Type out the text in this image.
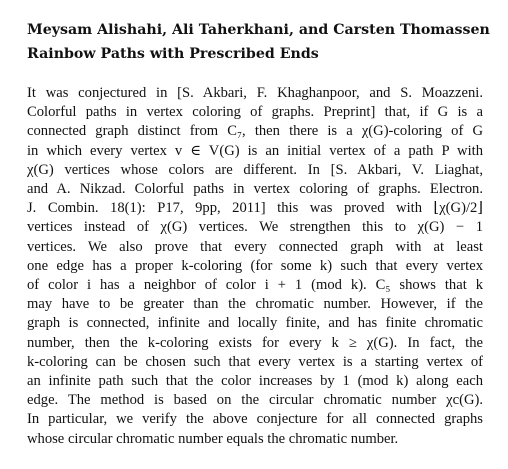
Meysam Alishahi, Ali Taherkhani, and Carsten Thomassen
Rainbow Paths with Prescribed Ends
It was conjectured in [S. Akbari, F. Khaghanpoor, and S. Moazzeni.
Colorful paths in vertex coloring of graphs. Preprint] that, if G is a
connected graph distinct from C₇, then there is a χ(G)-coloring of G
in which every vertex v ∈ V(G) is an initial vertex of a path P with
χ(G) vertices whose colors are different. In [S. Akbari, V. Liaghat,
and A. Nikzad. Colorful paths in vertex coloring of graphs. Electron.
J. Combin. 18(1): P17, 9pp, 2011] this was proved with ⌊χ(G)/2⌋
vertices instead of χ(G) vertices. We strengthen this to χ(G) − 1
vertices. We also prove that every connected graph with at least
one edge has a proper k-coloring (for some k) such that every vertex
of color i has a neighbor of color i + 1 (mod k). C₅ shows that k
may have to be greater than the chromatic number. However, if the
graph is connected, infinite and locally finite, and has finite chromatic
number, then the k-coloring exists for every k ≥ χ(G). In fact, the
k-coloring can be chosen such that every vertex is a starting vertex of
an infinite path such that the color increases by 1 (mod k) along each
edge. The method is based on the circular chromatic number χc(G).
In particular, we verify the above conjecture for all connected graphs
whose circular chromatic number equals the chromatic number.
